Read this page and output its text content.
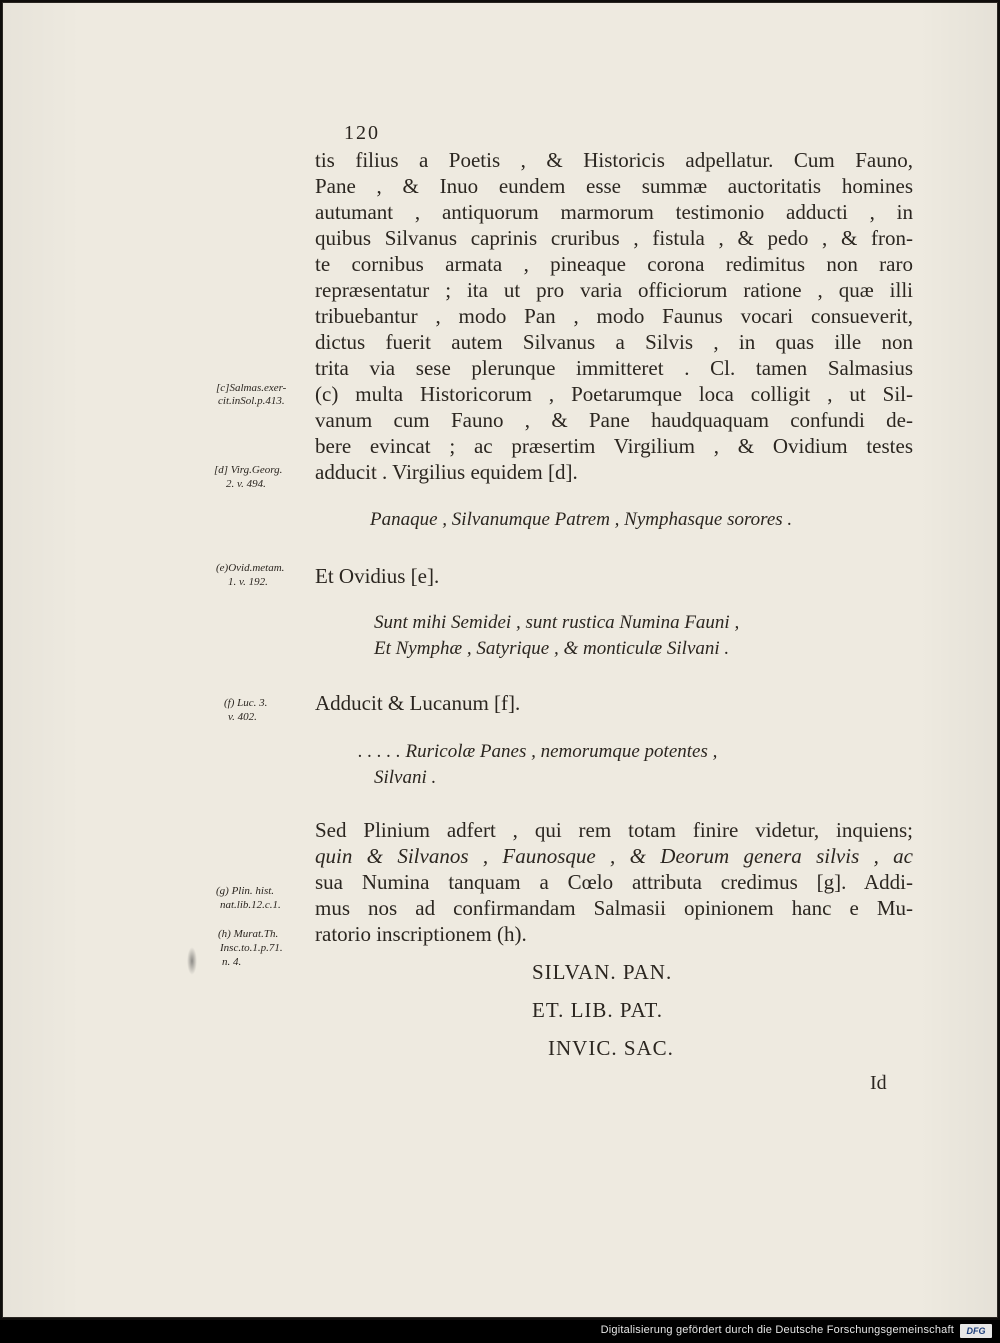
120
tis filius a Poetis , & Historicis adpellatur. Cum Fauno,
Pane , & Inuo eundem esse summæ auctoritatis homines
autumant , antiquorum marmorum testimonio adducti , in
quibus Silvanus caprinis cruribus , fistula , & pedo , & fron-
te cornibus armata , pineaque corona redimitus non raro
repræsentatur ; ita ut pro varia officiorum ratione , quæ illi
tribuebantur , modo Pan , modo Faunus vocari consueverit,
dictus fuerit autem Silvanus a Silvis , in quas ille non
trita via sese plerunque immitteret . Cl. tamen Salmasius
(c) multa Historicorum , Poetarumque loca colligit , ut Sil-
vanum cum Fauno , & Pane haudquaquam confundi de-
bere evincat ; ac præsertim Virgilium , & Ovidium testes
adducit . Virgilius equidem [d].
Panaque , Silvanumque Patrem , Nymphasque sorores .
Et Ovidius [e].
Sunt mihi Semidei , sunt rustica Numina Fauni ,
Et Nymphæ , Satyrique , & monticulæ Silvani .
Adducit & Lucanum [f].
. . . . . Ruricolæ Panes , nemorumque potentes ,
Silvani .
Sed Plinium adfert , qui rem totam finire videtur, inquiens;
quin & Silvanos , Faunosque , & Deorum genera silvis , ac
sua Numina tanquam a Cœlo attributa credimus [g]. Addi-
mus nos ad confirmandam Salmasii opinionem hanc e Mu-
ratorio inscriptionem (h).
SILVAN. PAN.
ET. LIB. PAT.
INVIC. SAC.
Id
[c]Salmas.exer-
cit.inSol.p.413.
[d] Virg.Georg.
2. v. 494.
(e)Ovid.metam.
1. v. 192.
(f) Luc. 3.
v. 402.
(g) Plin. hist.
nat.lib.12.c.1.
(h) Murat.Th.
Insc.to.1.p.71.
n. 4.
Digitalisierung gefördert durch die Deutsche Forschungsgemeinschaft	DFG
